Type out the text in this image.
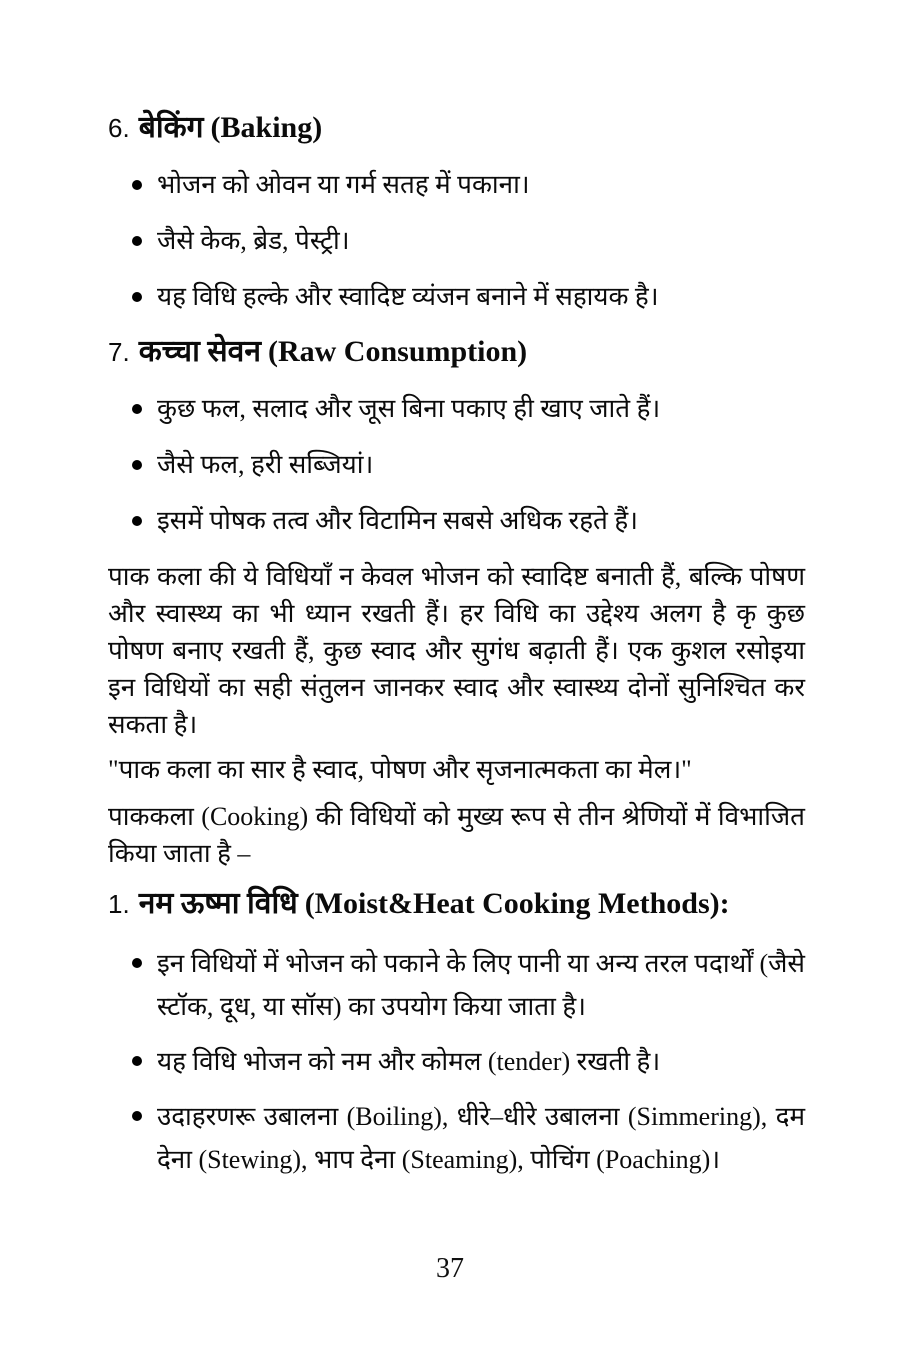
6. बेकिंग (Baking)
भोजन को ओवन या गर्म सतह में पकाना।
जैसे केक, ब्रेड, पेस्ट्री।
यह विधि हल्के और स्वादिष्ट व्यंजन बनाने में सहायक है।
7. कच्चा सेवन (Raw Consumption)
कुछ फल, सलाद और जूस बिना पकाए ही खाए जाते हैं।
जैसे फल, हरी सब्जियां।
इसमें पोषक तत्व और विटामिन सबसे अधिक रहते हैं।

पाक कला की ये विधियाँ न केवल भोजन को स्वादिष्ट बनाती हैं, बल्कि पोषण और स्वास्थ्य का भी ध्यान रखती हैं। हर विधि का उद्देश्य अलग है कृ कुछ पोषण बनाए रखती हैं, कुछ स्वाद और सुगंध बढ़ाती हैं। एक कुशल रसोइया इन विधियों का सही संतुलन जानकर स्वाद और स्वास्थ्य दोनों सुनिश्चित कर सकता है।

"पाक कला का सार है स्वाद, पोषण और सृजनात्मकता का मेल।"

पाककला (Cooking) की विधियों को मुख्य रूप से तीन श्रेणियों में विभाजित किया जाता है –

1. नम ऊष्मा विधि (Moist&Heat Cooking Methods):
इन विधियों में भोजन को पकाने के लिए पानी या अन्य तरल पदार्थों (जैसे स्टॉक, दूध, या सॉस) का उपयोग किया जाता है।
यह विधि भोजन को नम और कोमल (tender) रखती है।
उदाहरणरू उबालना (Boiling), धीरे–धीरे उबालना (Simmering), दम देना (Stewing), भाप देना (Steaming), पोचिंग (Poaching)।
37
